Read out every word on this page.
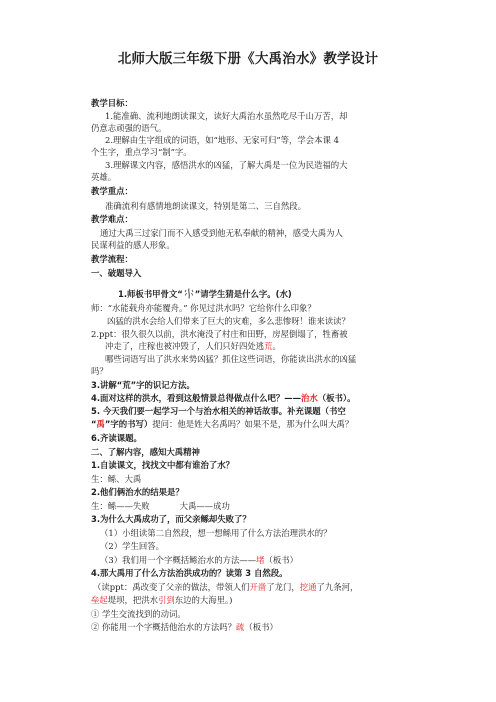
北师大版三年级下册《大禹治水》教学设计
教学目标：
1.能准确、流利地朗读课文，读好大禹治水虽然吃尽千山万苦，却
仍意志顽强的语气。
2.理解由生字组成的词语，如“地形、无家可归”等，学会本课 4
个生字，重点学习“制”字。
3.理解课文内容，感悟洪水的凶猛，了解大禹是一位为民造福的大
英雄。
教学重点：
准确流利有感情地朗读课文，特别是第二、三自然段。
教学难点：
通过大禹三过家门而不入感受到他无私奉献的精神，感受大禹为人
民谋利益的感人形象。
教学流程：
一、破题导入
1.师板书甲骨文“ ”请学生猜是什么字。(水)
师：“水能载舟亦能覆舟。” 你见过洪水吗？它给你什么印象？
凶猛的洪水会给人们带来了巨大的灾难，多么悲惨呀！谁来读读？
2.ppt：很久很久以前，洪水淹没了村庄和田野，房屋倒塌了，牲畜被
冲走了，庄稼也被冲毁了，人们只好四处逃荒。
哪些词语写出了洪水来势凶猛？抓住这些词语，你能读出洪水的凶猛
吗？
3.讲解“荒”字的识记方法。
4.面对这样的洪水，看到这般情景总得做点什么吧？——治水（板书）。
5. 今天我们要一起学习一个与治水相关的神话故事。补充课题（书空
“禹”字的书写）提问：他是姓大名禹吗？如果不是，那为什么叫大禹？
6.齐读课题。
二、了解内容，感知大禹精神
1.自读课文，找找文中都有谁治了水？
生：鲧、大禹
2.他们俩治水的结果是？
生：鲧——失败	大禹——成功
3.为什么大禹成功了，而父亲鲧却失败了？
（1）小组读第二自然段，想一想鲧用了什么方法治理洪水的？
（2）学生回答。
（3）我们用一个字概括鲧治水的方法——堵（板书）
4.那大禹用了什么方法治洪成功的？读第 3 自然段。
（读ppt：禹改变了父亲的做法，带领人们开凿了龙门，挖通了九条河，
垒起堤坝，把洪水引到东边的大海里。)
① 学生交流找到的动词。
② 你能用一个字概括他治水的方法吗？疏（板书）
